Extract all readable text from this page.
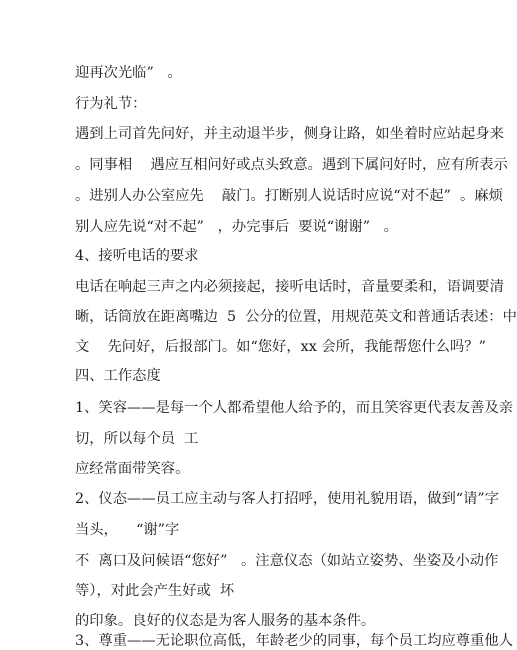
迎再次光临”   。
行为礼节：
遇到上司首先问好，并主动退半步，侧身让路，如坐着时应站起身来
。同事相    遇应互相问好或点头致意。遇到下属问好时，应有所表示
。进别人办公室应先    敲门。打断别人说话时应说“对不起”  。麻烦
别人应先说“对不起”   ，办完事后  要说“谢谢”   。
4、接听电话的要求
电话在响起三声之内必须接起，接听电话时，音量要柔和，语调要清
晰，话筒放在距离嘴边  5  公分的位置，用规范英文和普通话表述：中
文    先问好，后报部门。如“您好，xx 会所，我能帮您什么吗？”
四、工作态度
1、笑容——是每一个人都希望他人给予的，而且笑容更代表友善及亲
切，所以每个员  工
应经常面带笑容。
2、仪态——员工应主动与客人打招呼，使用礼貌用语，做到“请”字
当头，    “谢”字
不  离口及问候语“您好”   。注意仪态（如站立姿势、坐姿及小动作
等），对此会产生好或  坏
的印象。良好的仪态是为客人服务的基本条件。
3、尊重——无论职位高低，年龄老少的同事，每个员工均应尊重他人
